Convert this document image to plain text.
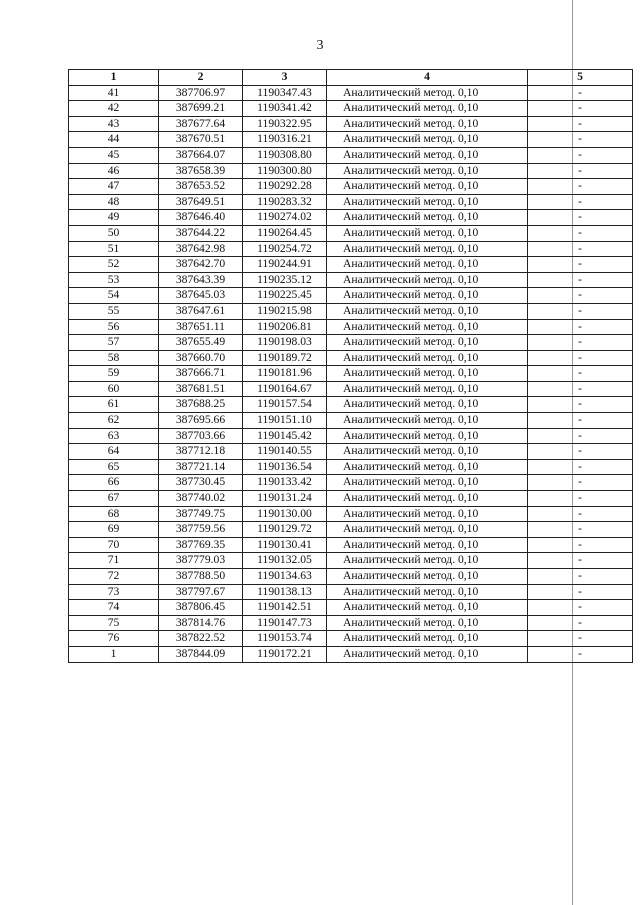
3
1	2	3	4	5
41	387706.97	1190347.43	Аналитический метод. 0,10	-
42	387699.21	1190341.42	Аналитический метод. 0,10	-
43	387677.64	1190322.95	Аналитический метод. 0,10	-
44	387670.51	1190316.21	Аналитический метод. 0,10	-
45	387664.07	1190308.80	Аналитический метод. 0,10	-
46	387658.39	1190300.80	Аналитический метод. 0,10	-
47	387653.52	1190292.28	Аналитический метод. 0,10	-
48	387649.51	1190283.32	Аналитический метод. 0,10	-
49	387646.40	1190274.02	Аналитический метод. 0,10	-
50	387644.22	1190264.45	Аналитический метод. 0,10	-
51	387642.98	1190254.72	Аналитический метод. 0,10	-
52	387642.70	1190244.91	Аналитический метод. 0,10	-
53	387643.39	1190235.12	Аналитический метод. 0,10	-
54	387645.03	1190225.45	Аналитический метод. 0,10	-
55	387647.61	1190215.98	Аналитический метод. 0,10	-
56	387651.11	1190206.81	Аналитический метод. 0,10	-
57	387655.49	1190198.03	Аналитический метод. 0,10	-
58	387660.70	1190189.72	Аналитический метод. 0,10	-
59	387666.71	1190181.96	Аналитический метод. 0,10	-
60	387681.51	1190164.67	Аналитический метод. 0,10	-
61	387688.25	1190157.54	Аналитический метод. 0,10	-
62	387695.66	1190151.10	Аналитический метод. 0,10	-
63	387703.66	1190145.42	Аналитический метод. 0,10	-
64	387712.18	1190140.55	Аналитический метод. 0,10	-
65	387721.14	1190136.54	Аналитический метод. 0,10	-
66	387730.45	1190133.42	Аналитический метод. 0,10	-
67	387740.02	1190131.24	Аналитический метод. 0,10	-
68	387749.75	1190130.00	Аналитический метод. 0,10	-
69	387759.56	1190129.72	Аналитический метод. 0,10	-
70	387769.35	1190130.41	Аналитический метод. 0,10	-
71	387779.03	1190132.05	Аналитический метод. 0,10	-
72	387788.50	1190134.63	Аналитический метод. 0,10	-
73	387797.67	1190138.13	Аналитический метод. 0,10	-
74	387806.45	1190142.51	Аналитический метод. 0,10	-
75	387814.76	1190147.73	Аналитический метод. 0,10	-
76	387822.52	1190153.74	Аналитический метод. 0,10	-
1	387844.09	1190172.21	Аналитический метод. 0,10	-
